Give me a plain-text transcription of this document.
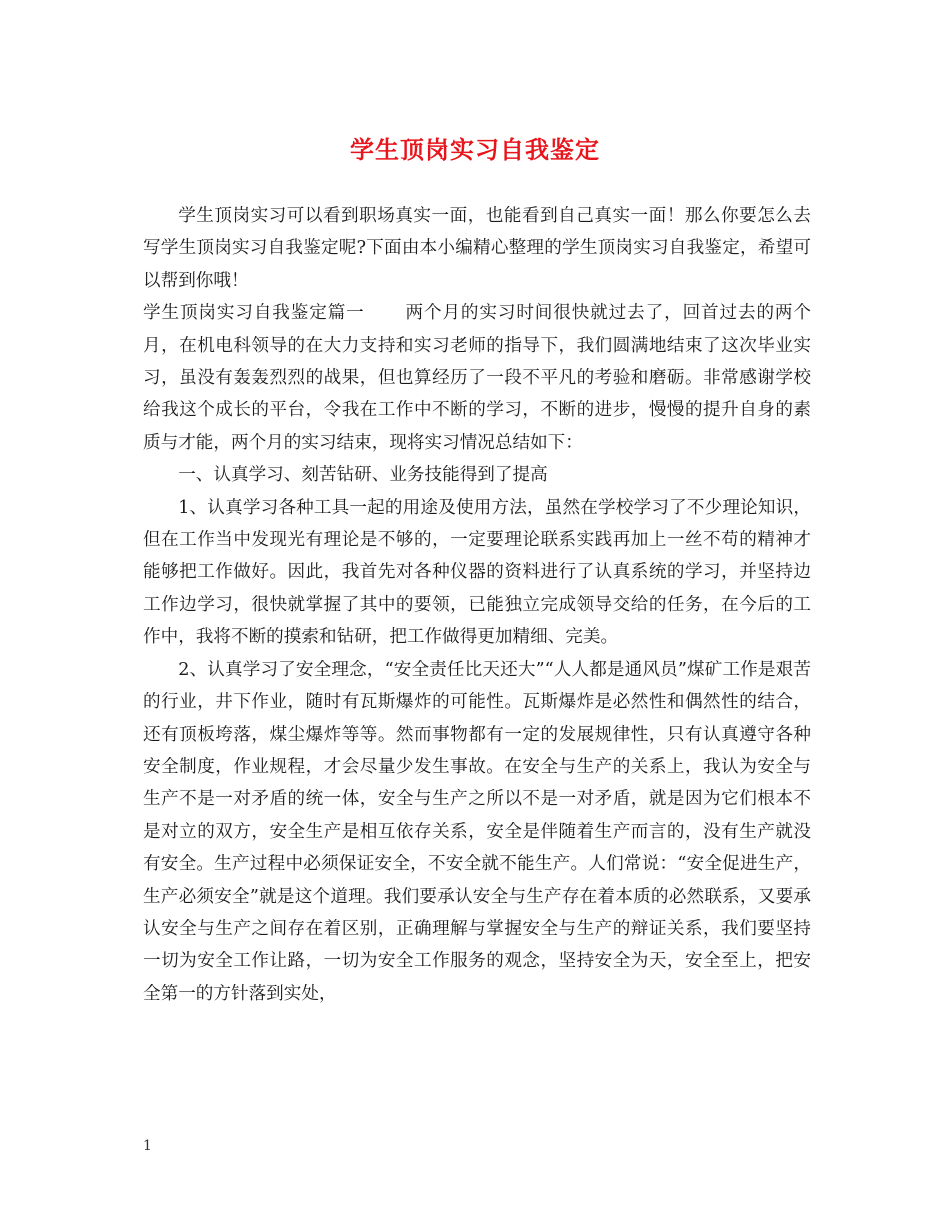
学生顶岗实习自我鉴定

学生顶岗实习可以看到职场真实一面，也能看到自己真实一面！那么你要怎么去写学生顶岗实习自我鉴定呢?下面由本小编精心整理的学生顶岗实习自我鉴定，希望可以帮到你哦！

学生顶岗实习自我鉴定篇一 两个月的实习时间很快就过去了，回首过去的两个月，在机电科领导的在大力支持和实习老师的指导下，我们圆满地结束了这次毕业实习，虽没有轰轰烈烈的战果，但也算经历了一段不平凡的考验和磨砺。非常感谢学校给我这个成长的平台，令我在工作中不断的学习，不断的进步，慢慢的提升自身的素质与才能，两个月的实习结束，现将实习情况总结如下：

一、认真学习、刻苦钻研、业务技能得到了提高

1、认真学习各种工具一起的用途及使用方法，虽然在学校学习了不少理论知识，但在工作当中发现光有理论是不够的，一定要理论联系实践再加上一丝不苟的精神才能够把工作做好。因此，我首先对各种仪器的资料进行了认真系统的学习，并坚持边工作边学习，很快就掌握了其中的要领，已能独立完成领导交给的任务，在今后的工作中，我将不断的摸索和钻研，把工作做得更加精细、完美。

2、认真学习了安全理念，“安全责任比天还大”“人人都是通风员”煤矿工作是艰苦的行业，井下作业，随时有瓦斯爆炸的可能性。瓦斯爆炸是必然性和偶然性的结合，还有顶板垮落，煤尘爆炸等等。然而事物都有一定的发展规律性，只有认真遵守各种安全制度，作业规程，才会尽量少发生事故。在安全与生产的关系上，我认为安全与生产不是一对矛盾的统一体，安全与生产之所以不是一对矛盾，就是因为它们根本不是对立的双方，安全生产是相互依存关系，安全是伴随着生产而言的，没有生产就没有安全。生产过程中必须保证安全，不安全就不能生产。人们常说：“安全促进生产，生产必须安全”就是这个道理。我们要承认安全与生产存在着本质的必然联系，又要承认安全与生产之间存在着区别，正确理解与掌握安全与生产的辩证关系，我们要坚持一切为安全工作让路，一切为安全工作服务的观念，坚持安全为天，安全至上，把安全第一的方针落到实处，

1
